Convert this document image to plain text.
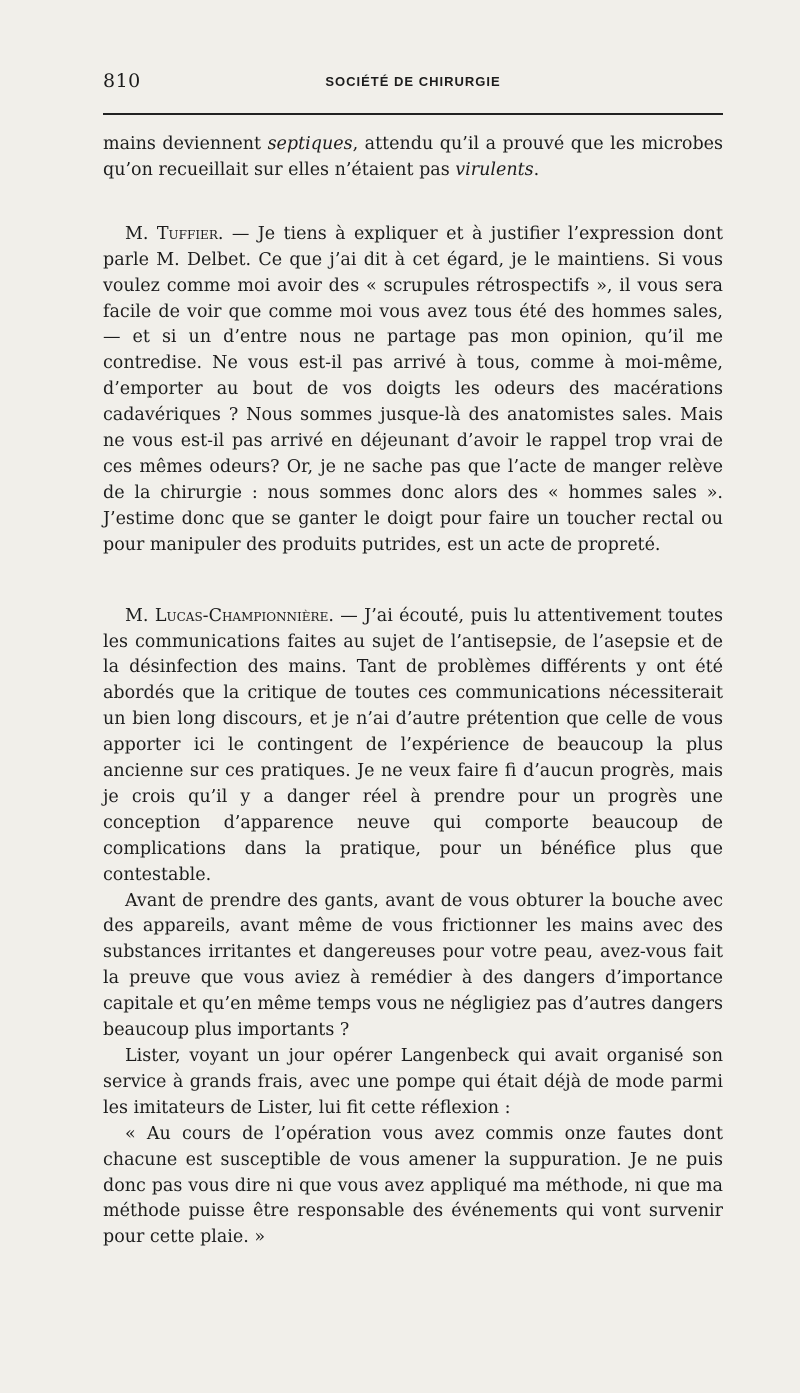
810	SOCIÉTÉ DE CHIRURGIE

mains deviennent septiques, attendu qu’il a prouvé que les microbes qu’on recueillait sur elles n’étaient pas virulents.

M. Tuffier. — Je tiens à expliquer et à justifier l’expression dont parle M. Delbet. Ce que j’ai dit à cet égard, je le maintiens. Si vous voulez comme moi avoir des « scrupules rétrospectifs », il vous sera facile de voir que comme moi vous avez tous été des hommes sales, — et si un d’entre nous ne partage pas mon opinion, qu’il me contredise. Ne vous est-il pas arrivé à tous, comme à moi-même, d’emporter au bout de vos doigts les odeurs des macérations cadavériques ? Nous sommes jusque-là des anatomistes sales. Mais ne vous est-il pas arrivé en déjeunant d’avoir le rappel trop vrai de ces mêmes odeurs? Or, je ne sache pas que l’acte de manger relève de la chirurgie : nous sommes donc alors des « hommes sales ». J’estime donc que se ganter le doigt pour faire un toucher rectal ou pour manipuler des produits putrides, est un acte de propreté.

M. Lucas-Championnière. — J’ai écouté, puis lu attentivement toutes les communications faites au sujet de l’antisepsie, de l’asepsie et de la désinfection des mains. Tant de problèmes différents y ont été abordés que la critique de toutes ces communications nécessiterait un bien long discours, et je n’ai d’autre prétention que celle de vous apporter ici le contingent de l’expérience de beaucoup la plus ancienne sur ces pratiques. Je ne veux faire fi d’aucun progrès, mais je crois qu’il y a danger réel à prendre pour un progrès une conception d’apparence neuve qui comporte beaucoup de complications dans la pratique, pour un bénéfice plus que contestable.

Avant de prendre des gants, avant de vous obturer la bouche avec des appareils, avant même de vous frictionner les mains avec des substances irritantes et dangereuses pour votre peau, avez-vous fait la preuve que vous aviez à remédier à des dangers d’importance capitale et qu’en même temps vous ne négligiez pas d’autres dangers beaucoup plus importants ?

Lister, voyant un jour opérer Langenbeck qui avait organisé son service à grands frais, avec une pompe qui était déjà de mode parmi les imitateurs de Lister, lui fit cette réflexion :

« Au cours de l’opération vous avez commis onze fautes dont chacune est susceptible de vous amener la suppuration. Je ne puis donc pas vous dire ni que vous avez appliqué ma méthode, ni que ma méthode puisse être responsable des événements qui vont survenir pour cette plaie. »
